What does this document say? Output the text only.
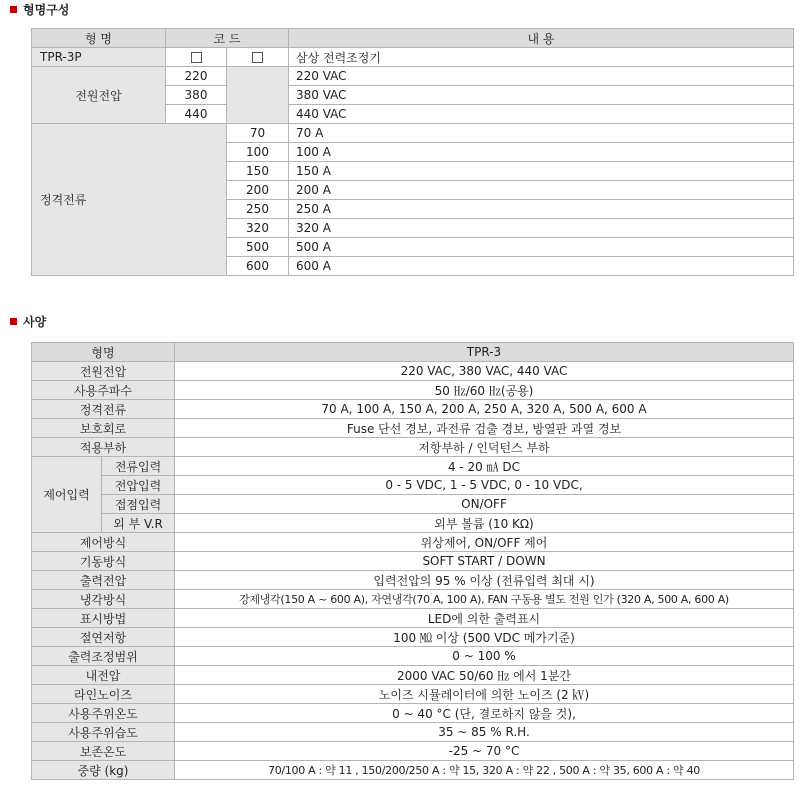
형명구성
형 명	코 드		내 용
TPR-3P			삼상 전력조정기
전원전압	220		220 VAC
	380		380 VAC
	440		440 VAC
정격전류		70	70 A
		100	100 A
		150	150 A
		200	200 A
		250	250 A
		320	320 A
		500	500 A
		600	600 A
사양
형명		TPR-3
전원전압		220 VAC, 380 VAC, 440 VAC
사용주파수		50 ㎐/60 ㎐(공용)
정격전류		70 A, 100 A, 150 A, 200 A, 250 A, 320 A, 500 A, 600 A
보호회로		Fuse 단선 경보, 과전류 검출 경보, 방열판 과열 경보
적용부하		저항부하 / 인덕턴스 부하
제어입력	전류입력	4 - 20 ㎃ DC
	전압입력	0 - 5 VDC, 1 - 5 VDC, 0 - 10 VDC,
	접점입력	ON/OFF
	외 부 V.R	외부 볼륨 (10 KΩ)
제어방식		위상제어, ON/OFF 제어
기동방식		SOFT START / DOWN
출력전압		입력전압의 95 % 이상 (전류입력 최대 시)
냉각방식		강제냉각(150 A ~ 600 A), 자연냉각(70 A, 100 A), FAN 구동용 별도 전원 인가 (320 A, 500 A, 600 A)
표시방법		LED에 의한 출력표시
절연저항		100 ㏁ 이상 (500 VDC 메가기준)
출력조정범위		0 ~ 100 %
내전압		2000 VAC 50/60 ㎐ 에서 1분간
라인노이즈		노이즈 시뮬레이터에 의한 노이즈 (2 ㎸)
사용주위온도		0 ~ 40 °C (단, 결로하지 않을 것),
사용주위습도		35 ~ 85 % R.H.
보존온도		-25 ~ 70 °C
중량 (kg)		70/100 A : 약 11 , 150/200/250 A : 약 15, 320 A : 약 22 , 500 A : 약 35, 600 A : 약 40
